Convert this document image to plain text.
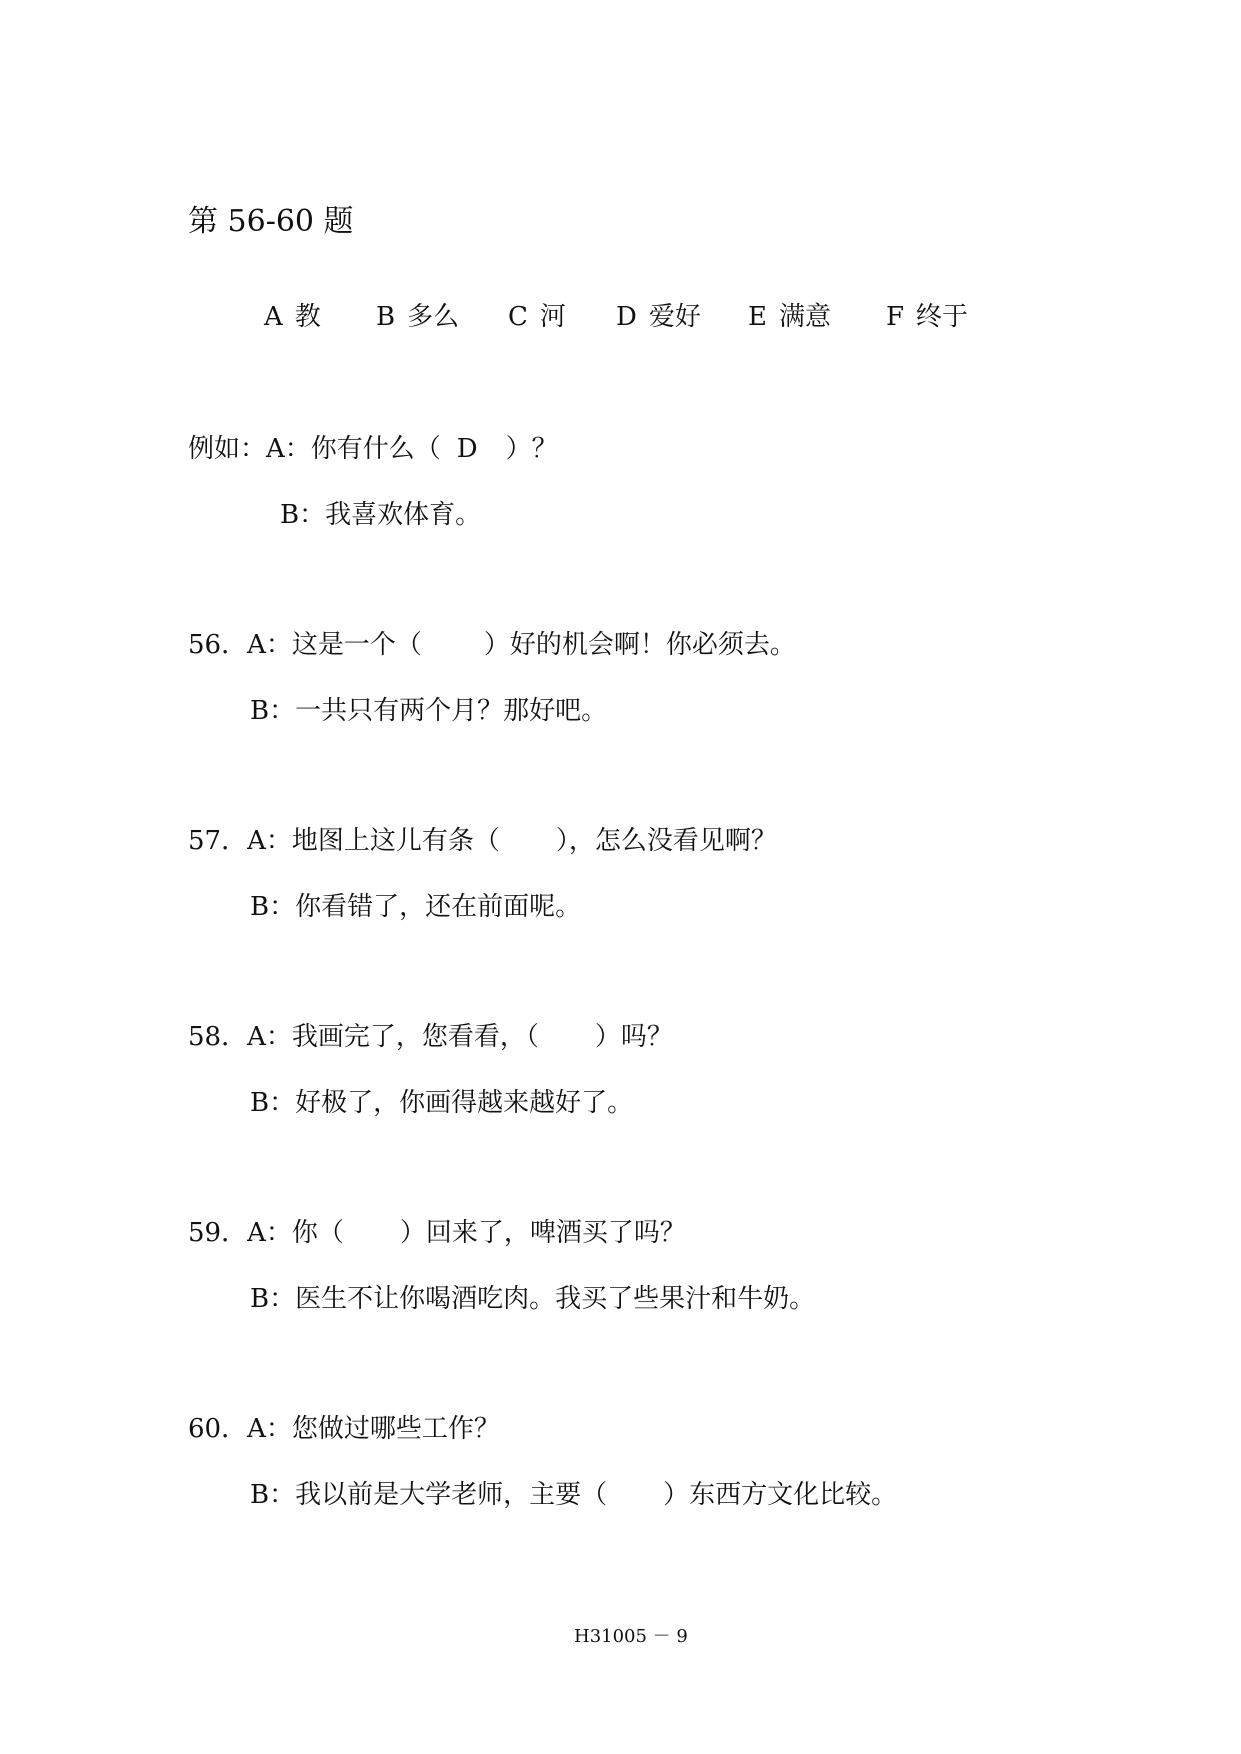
第 56-60 题
A 教 B 多么 C 河 D 爱好 E 满意 F 终于
例如：A：你有什么（ D ）？
B：我喜欢体育。
56．A：这是一个（ ）好的机会啊！你必须去。
B：一共只有两个月？那好吧。
57．A：地图上这儿有条（ ），怎么没看见啊？
B：你看错了，还在前面呢。
58．A：我画完了，您看看，（ ）吗？
B：好极了，你画得越来越好了。
59．A：你（ ）回来了，啤酒买了吗？
B：医生不让你喝酒吃肉。我买了些果汁和牛奶。
60．A：您做过哪些工作？
B：我以前是大学老师，主要（ ）东西方文化比较。
H31005 － 9
